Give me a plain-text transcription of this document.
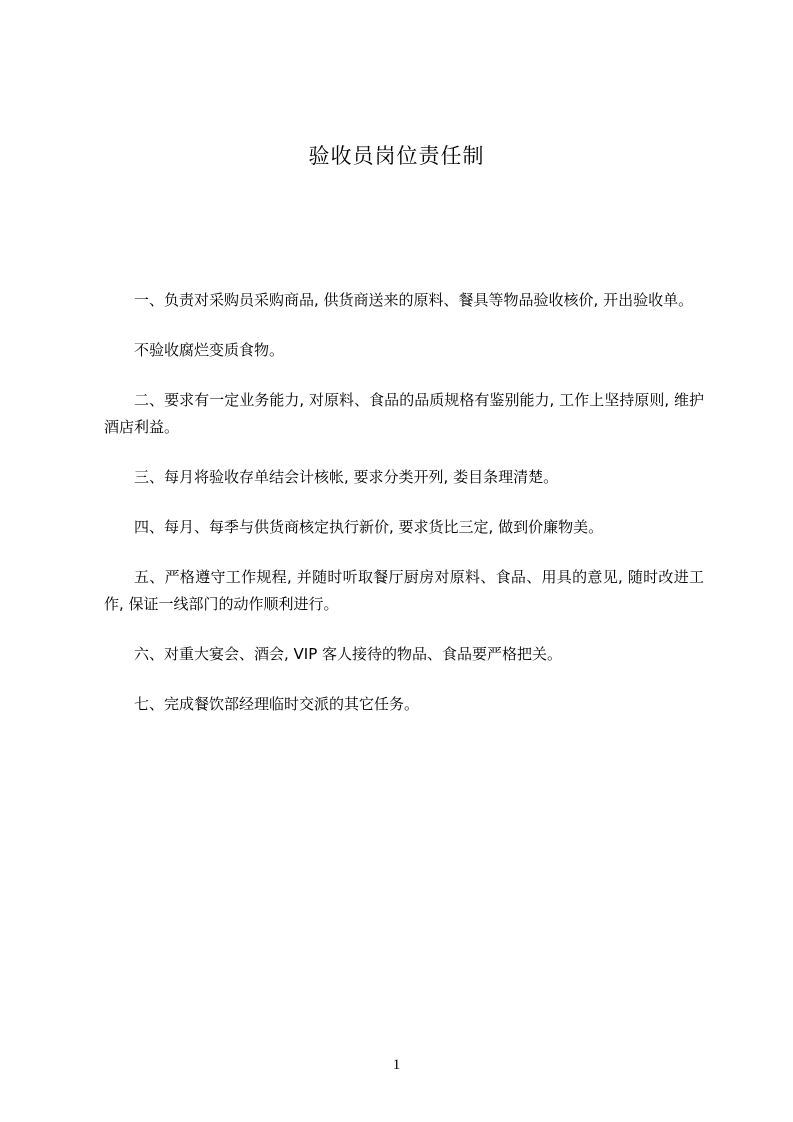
验收员岗位责任制

一、负责对采购员采购商品, 供货商送来的原料、餐具等物品验收核价, 开出验收单。

不验收腐烂变质食物。

二、要求有一定业务能力, 对原料、食品的品质规格有鉴别能力, 工作上坚持原则, 维护酒店利益。

三、每月将验收存单结会计核帐, 要求分类开列, 娄目条理清楚。

四、每月、每季与供货商核定执行新价, 要求货比三定, 做到价廉物美。

五、严格遵守工作规程, 并随时听取餐厅厨房对原料、食品、用具的意见, 随时改进工作, 保证一线部门的动作顺利进行。

六、对重大宴会、酒会, VIP 客人接待的物品、食品要严格把关。

七、完成餐饮部经理临时交派的其它任务。

1
